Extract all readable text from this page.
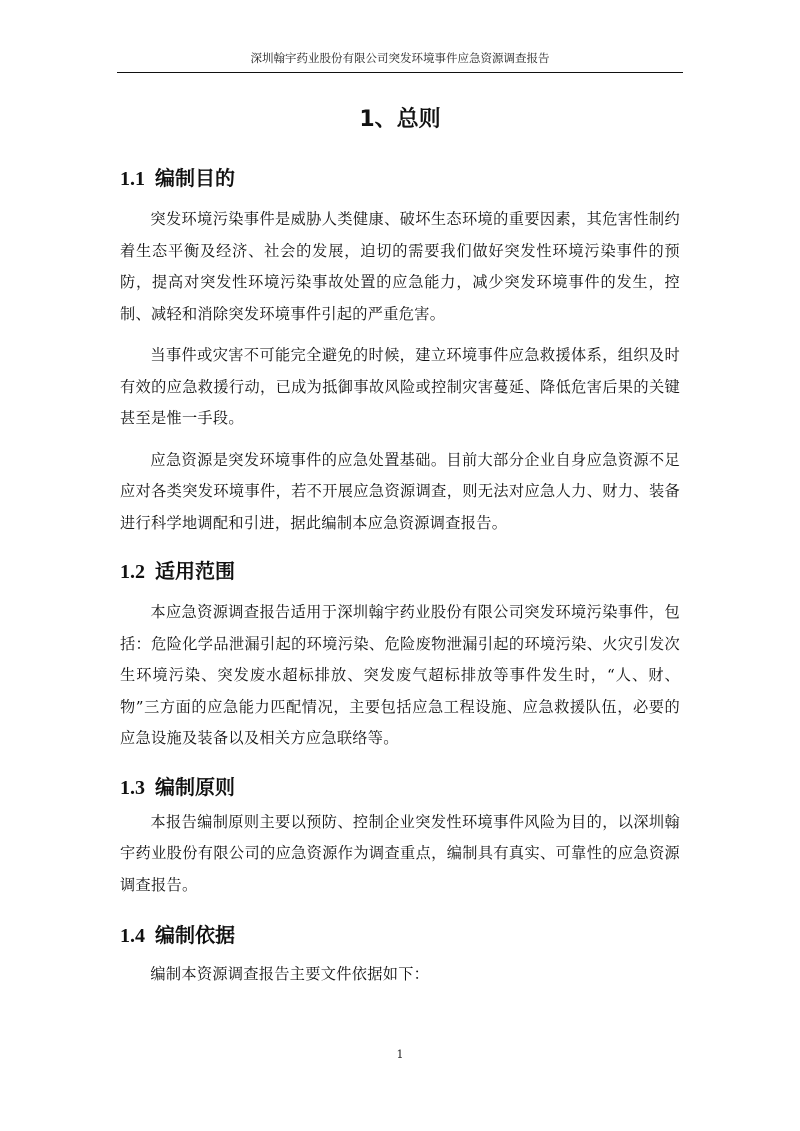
深圳翰宇药业股份有限公司突发环境事件应急资源调查报告
1、总则
1.1 编制目的

突发环境污染事件是威胁人类健康、破坏生态环境的重要因素，其危害性制约着生态平衡及经济、社会的发展，迫切的需要我们做好突发性环境污染事件的预防，提高对突发性环境污染事故处置的应急能力，减少突发环境事件的发生，控制、减轻和消除突发环境事件引起的严重危害。

当事件或灾害不可能完全避免的时候，建立环境事件应急救援体系，组织及时有效的应急救援行动，已成为抵御事故风险或控制灾害蔓延、降低危害后果的关键甚至是惟一手段。

应急资源是突发环境事件的应急处置基础。目前大部分企业自身应急资源不足应对各类突发环境事件，若不开展应急资源调查，则无法对应急人力、财力、装备进行科学地调配和引进，据此编制本应急资源调查报告。

1.2 适用范围

本应急资源调查报告适用于深圳翰宇药业股份有限公司突发环境污染事件，包括：危险化学品泄漏引起的环境污染、危险废物泄漏引起的环境污染、火灾引发次生环境污染、突发废水超标排放、突发废气超标排放等事件发生时，“人、财、物”三方面的应急能力匹配情况，主要包括应急工程设施、应急救援队伍，必要的应急设施及装备以及相关方应急联络等。

1.3 编制原则

本报告编制原则主要以预防、控制企业突发性环境事件风险为目的，以深圳翰宇药业股份有限公司的应急资源作为调查重点，编制具有真实、可靠性的应急资源调查报告。

1.4 编制依据

编制本资源调查报告主要文件依据如下：

1
